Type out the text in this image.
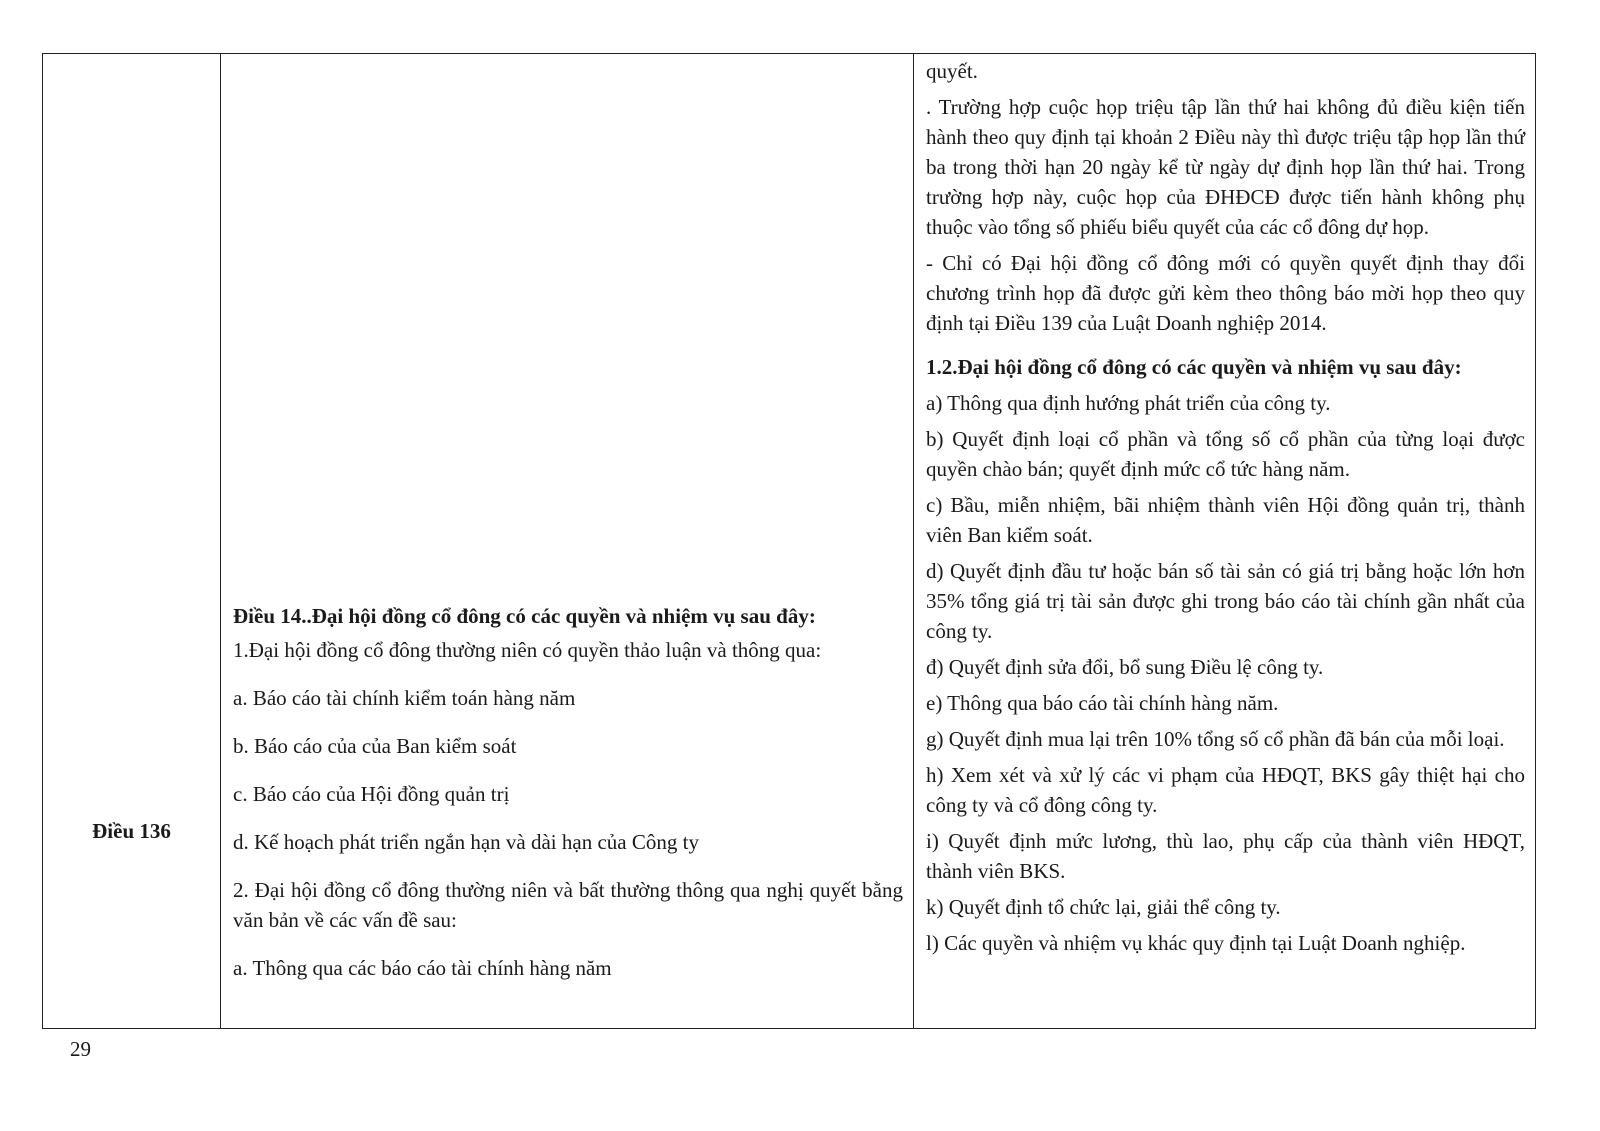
Điều 136

Điều 14..Đại hội đồng cổ đông có các quyền và nhiệm vụ sau đây:

1.Đại hội đồng cổ đông thường niên có quyền thảo luận và thông qua:

a. Báo cáo tài chính kiểm toán hàng năm

b. Báo cáo của của Ban kiểm soát

c. Báo cáo của Hội đồng quản trị

d. Kế hoạch phát triển ngắn hạn và dài hạn của Công ty

2. Đại hội đồng cổ đông thường niên và bất thường thông qua nghị quyết bằng văn bản về các vấn đề sau:

a. Thông qua các báo cáo tài chính hàng năm

quyết.

. Trường hợp cuộc họp triệu tập lần thứ hai không đủ điều kiện tiến hành theo quy định tại khoản 2 Điều này thì được triệu tập họp lần thứ ba trong thời hạn 20 ngày kể từ ngày dự định họp lần thứ hai. Trong trường hợp này, cuộc họp của ĐHĐCĐ được tiến hành không phụ thuộc vào tổng số phiếu biểu quyết của các cổ đông dự họp.

- Chỉ có Đại hội đồng cổ đông mới có quyền quyết định thay đổi chương trình họp đã được gửi kèm theo thông báo mời họp theo quy định tại Điều 139 của Luật Doanh nghiệp 2014.

1.2.Đại hội đồng cổ đông có các quyền và nhiệm vụ sau đây:

a) Thông qua định hướng phát triển của công ty.

b) Quyết định loại cổ phần và tổng số cổ phần của từng loại được quyền chào bán; quyết định mức cổ tức hàng năm.

c) Bầu, miễn nhiệm, bãi nhiệm thành viên Hội đồng quản trị, thành viên Ban kiểm soát.

d) Quyết định đầu tư hoặc bán số tài sản có giá trị bằng hoặc lớn hơn 35% tổng giá trị tài sản được ghi trong báo cáo tài chính gần nhất của công ty.

đ) Quyết định sửa đổi, bổ sung Điều lệ công ty.

e) Thông qua báo cáo tài chính hàng năm.

g) Quyết định mua lại trên 10% tổng số cổ phần đã bán của mỗi loại.

h) Xem xét và xử lý các vi phạm của HĐQT, BKS gây thiệt hại cho công ty và cổ đông công ty.

i) Quyết định mức lương, thù lao, phụ cấp của thành viên HĐQT, thành viên BKS.

k) Quyết định tổ chức lại, giải thể công ty.

l) Các quyền và nhiệm vụ khác quy định tại Luật Doanh nghiệp.

29
